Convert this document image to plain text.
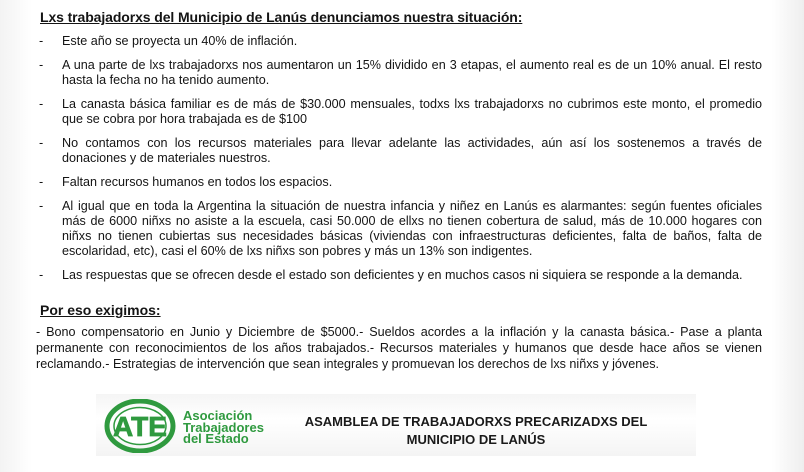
Lxs trabajadorxs del Municipio de Lanús denunciamos nuestra situación:
- Este año se proyecta un 40% de inflación.
- A una parte de lxs trabajadorxs nos aumentaron un 15% dividido en 3 etapas, el aumento real es de un 10% anual. El resto hasta la fecha no ha tenido aumento.
- La canasta básica familiar es de más de $30.000 mensuales, todxs lxs trabajadorxs no cubrimos este monto, el promedio que se cobra por hora trabajada es de $100
- No contamos con los recursos materiales para llevar adelante las actividades, aún así los sostenemos a través de donaciones y de materiales nuestros.
- Faltan recursos humanos en todos los espacios.
- Al igual que en toda la Argentina la situación de nuestra infancia y niñez en Lanús es alarmantes: según fuentes oficiales más de 6000 niñxs no asiste a la escuela, casi 50.000 de ellxs no tienen cobertura de salud, más de 10.000 hogares con niñxs no tienen cubiertas sus necesidades básicas (viviendas con infraestructuras deficientes, falta de baños, falta de escolaridad, etc), casi el 60% de lxs niñxs son pobres y más un 13% son indigentes.
- Las respuestas que se ofrecen desde el estado son deficientes y en muchos casos ni siquiera se responde a la demanda.
Por eso exigimos:

- Bono compensatorio en Junio y Diciembre de $5000.- Sueldos acordes a la inflación y la canasta básica.- Pase a planta permanente con reconocimientos de los años trabajados.- Recursos materiales y humanos que desde hace años se vienen reclamando.- Estrategias de intervención que sean integrales y promuevan los derechos de lxs niñxs y jóvenes.

ATE Asociación
Trabajadores
del Estado
ASAMBLEA DE TRABAJADORXS PRECARIZADXS DEL
MUNICIPIO DE LANÚS
